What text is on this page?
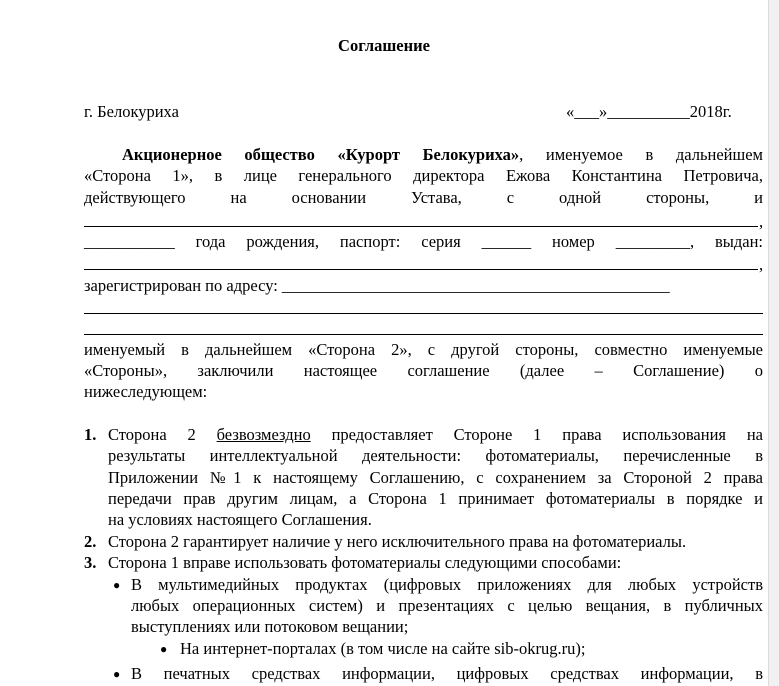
Соглашение
г. Белокуриха	«___»__________2018г.
Акционерное общество «Курорт Белокуриха», именуемое в дальнейшем
«Сторона 1», в лице генерального директора Ежова Константина Петровича,
действующего на основании Устава, с одной стороны, и
,
___________ года рождения, паспорт: серия ______ номер _________, выдан:
,
зарегистрирован по адресу: _______________________________________________
именуемый в дальнейшем «Сторона 2», с другой стороны, совместно именуемые
«Стороны», заключили настоящее соглашение (далее – Соглашение) о
нижеследующем:
1. Сторона 2 безвозмездно предоставляет Стороне 1 права использования на
результаты интеллектуальной деятельности: фотоматериалы, перечисленные в
Приложении №1 к настоящему Соглашению, с сохранением за Стороной 2 права
передачи прав другим лицам, а Сторона 1 принимает фотоматериалы в порядке и
на условиях настоящего Соглашения.
2. Сторона 2 гарантирует наличие у него исключительного права на фотоматериалы.
3. Сторона 1 вправе использовать фотоматериалы следующими способами:
● В мультимедийных продуктах (цифровых приложениях для любых устройств
любых операционных систем) и презентациях с целью вещания, в публичных
выступлениях или потоковом вещании;
● На интернет-порталах (в том числе на сайте sib-okrug.ru);
● В печатных средствах информации, цифровых средствах информации, в
